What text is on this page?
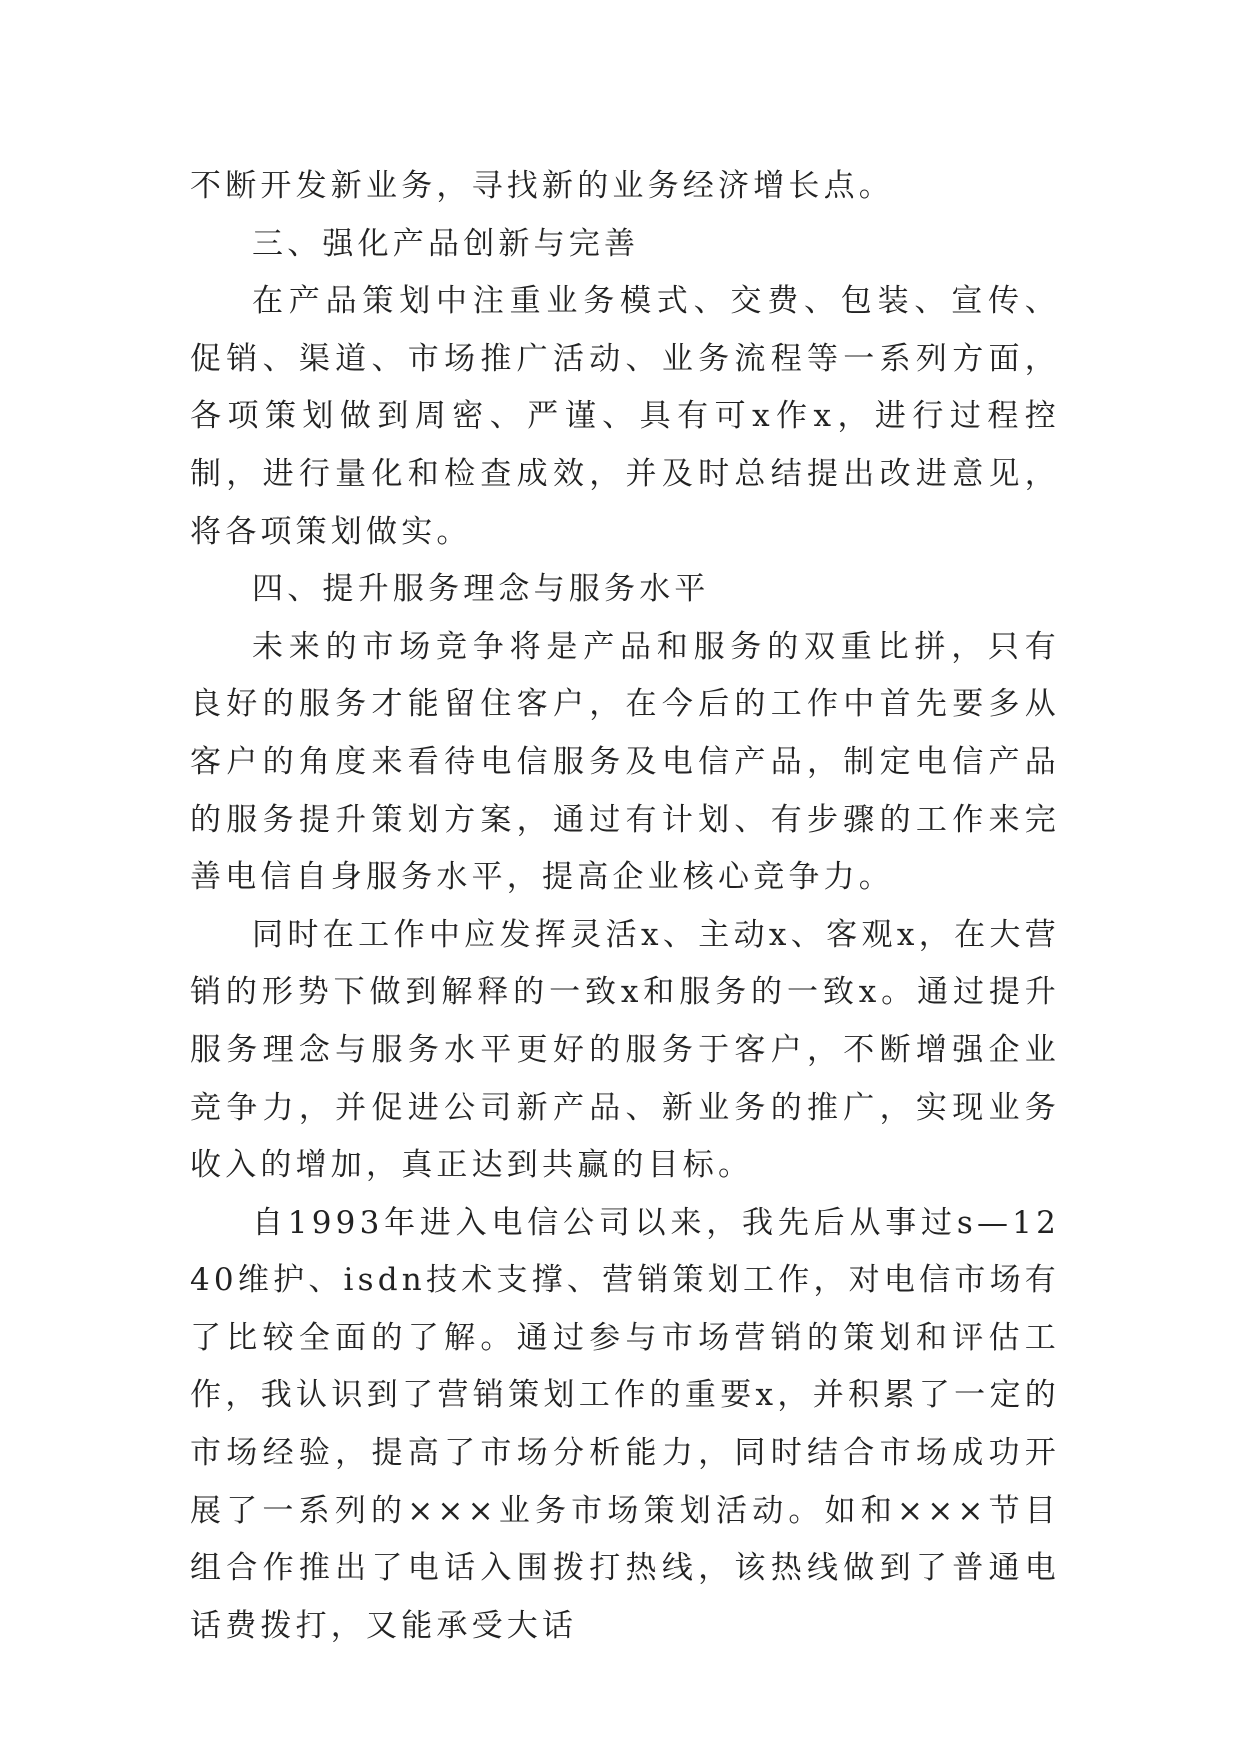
不断开发新业务，寻找新的业务经济增长点。

三、强化产品创新与完善

在产品策划中注重业务模式、交费、包装、宣传、促销、渠道、市场推广活动、业务流程等一系列方面，各项策划做到周密、严谨、具有可x作x，进行过程控制，进行量化和检查成效，并及时总结提出改进意见，将各项策划做实。

四、提升服务理念与服务水平

未来的市场竞争将是产品和服务的双重比拼，只有良好的服务才能留住客户，在今后的工作中首先要多从客户的角度来看待电信服务及电信产品，制定电信产品的服务提升策划方案，通过有计划、有步骤的工作来完善电信自身服务水平，提高企业核心竞争力。

同时在工作中应发挥灵活x、主动x、客观x，在大营销的形势下做到解释的一致x和服务的一致x。通过提升服务理念与服务水平更好的服务于客户，不断增强企业竞争力，并促进公司新产品、新业务的推广，实现业务收入的增加，真正达到共赢的目标。

自1993年进入电信公司以来，我先后从事过s—1240维护、isdn技术支撑、营销策划工作，对电信市场有了比较全面的了解。通过参与市场营销的策划和评估工作，我认识到了营销策划工作的重要x，并积累了一定的市场经验，提高了市场分析能力，同时结合市场成功开展了一系列的×××业务市场策划活动。如和×××节目组合作推出了电话入围拨打热线，该热线做到了普通电话费拨打，又能承受大话
